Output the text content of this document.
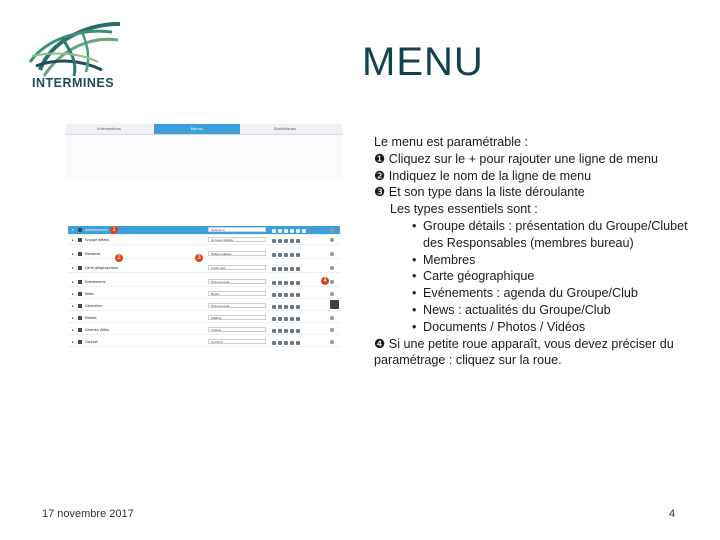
INTERMINES	MENU
Informations	Menus	Statistiques
▾	Arborescence	Sélection
▸	Groupe détails	Groupe détails
▸	Membres	Responsables
▸	Carte géographique	Carte géo
▸	Événements	Événements
▸	News	News
▸	Calendrier	Événements
▸	Médias	Médias
▸	Galeries Vidéo	Vidéos
▸	Contact	Contact
1
2	3
4
Le menu est paramétrable :
❶ Cliquez sur le + pour rajouter une ligne de menu
❷ Indiquez le nom de la ligne de menu
❸ Et son type dans la liste déroulante
Les types essentiels sont :
• Groupe détails : présentation du Groupe/Clubet
des Responsables (membres bureau)
• Membres
• Carte géographique
• Evénements : agenda du Groupe/Club
• News : actualités du Groupe/Club
• Documents / Photos / Vidéos
❹ Si une petite roue apparaît, vous devez préciser du
paramétrage : cliquez sur la roue.
17 novembre 2017	4
